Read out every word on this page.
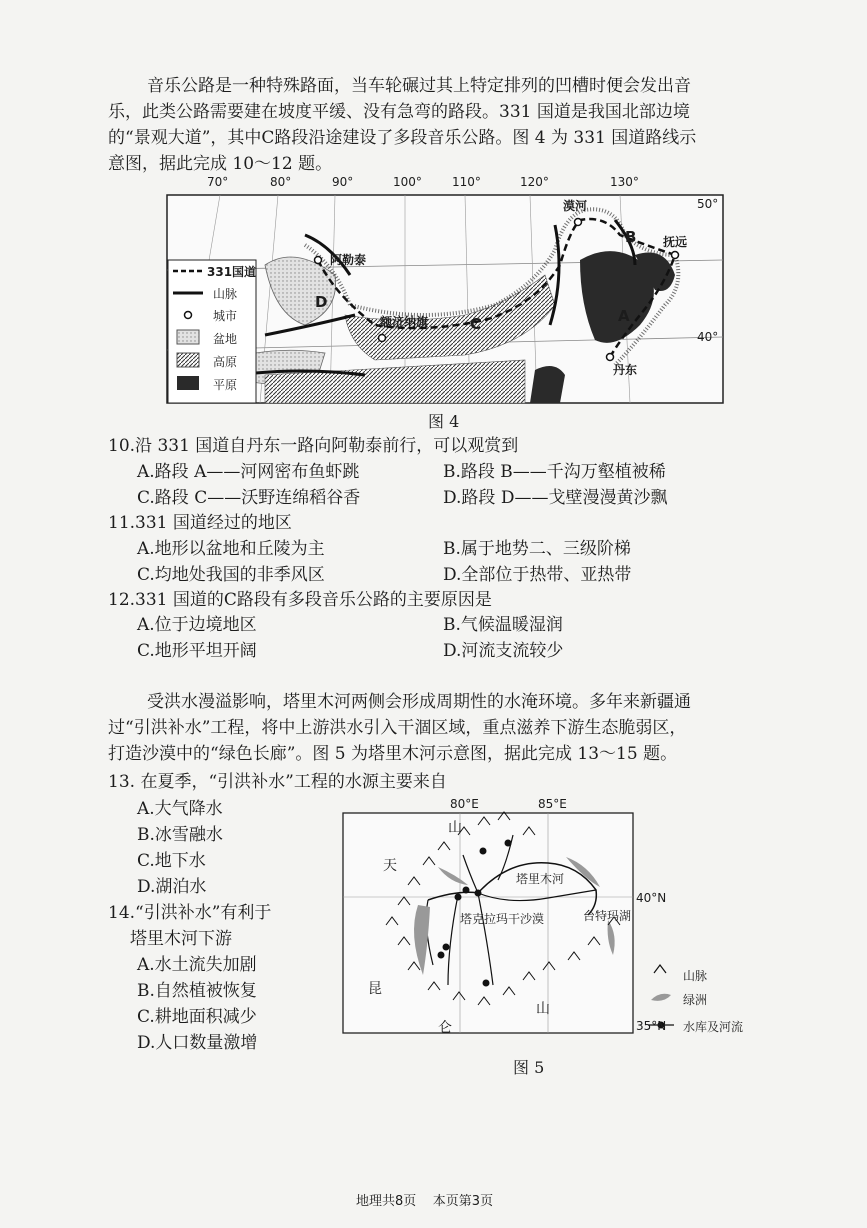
音乐公路是一种特殊路面，当车轮碾过其上特定排列的凹槽时便会发出音
乐，此类公路需要建在坡度平缓、没有急弯的路段。331 国道是我国北部边境
的“景观大道”，其中C路段沿途建设了多段音乐公路。图 4 为 331 国道路线示
意图，据此完成 10～12 题。
70°	80°	90°	100°	110°	120°	130°
50°
40°
漠河
抚远
阿勒泰
额济纳旗
丹东
A
B
C
D
331国道
山脉
城市
盆地
高原
平原
图 4
10.沿 331 国道自丹东一路向阿勒泰前行，可以观赏到
A.路段 A——河网密布鱼虾跳	B.路段 B——千沟万壑植被稀
C.路段 C——沃野连绵稻谷香	D.路段 D——戈壁漫漫黄沙飘
11.331 国道经过的地区
A.地形以盆地和丘陵为主	B.属于地势二、三级阶梯
C.均地处我国的非季风区	D.全部位于热带、亚热带
12.331 国道的C路段有多段音乐公路的主要原因是
A.位于边境地区	B.气候温暖湿润
C.地形平坦开阔	D.河流支流较少
受洪水漫溢影响，塔里木河两侧会形成周期性的水淹环境。多年来新疆通
过“引洪补水”工程，将中上游洪水引入干涸区域，重点滋养下游生态脆弱区，
打造沙漠中的“绿色长廊”。图 5 为塔里木河示意图，据此完成 13～15 题。
13. 在夏季，“引洪补水”工程的水源主要来自
A.大气降水
B.冰雪融水
C.地下水
D.湖泊水
14.“引洪补水”有利于
塔里木河下游
A.水土流失加剧
B.自然植被恢复
C.耕地面积减少
D.人口数量激增
80°E	85°E
40°N
35°N
山
天
昆
仑
山
塔里木河
塔克拉玛干沙漠	台特玛湖
山脉
绿洲
水库及河流
图 5
地理共8页    本页第3页
